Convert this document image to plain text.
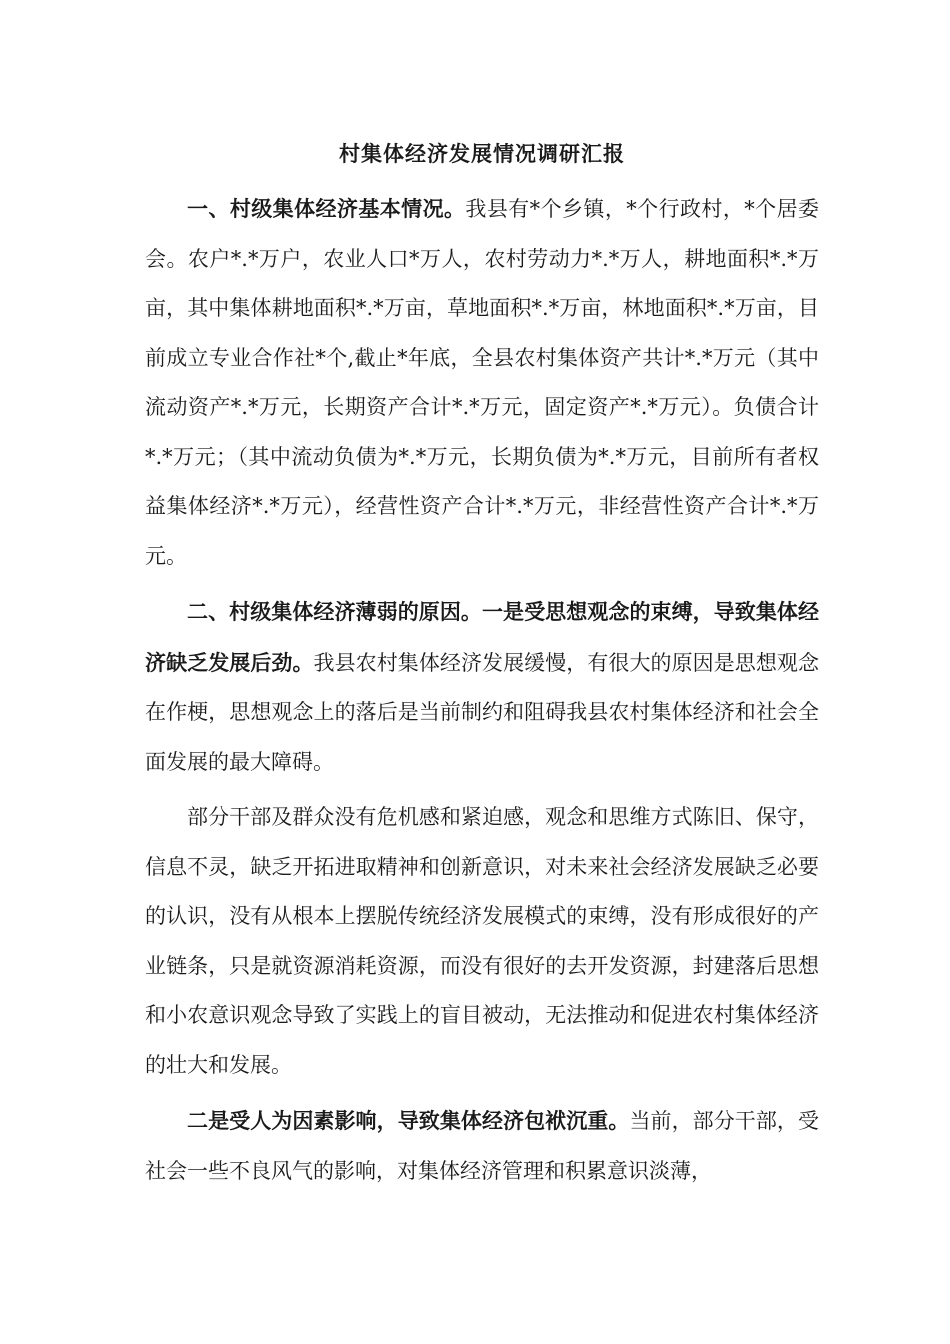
村集体经济发展情况调研汇报

一、村级集体经济基本情况。我县有*个乡镇，*个行政村，*个居委会。农户*.*万户，农业人口*万人，农村劳动力*.*万人，耕地面积*.*万亩，其中集体耕地面积*.*万亩，草地面积*.*万亩，林地面积*.*万亩，目前成立专业合作社*个,截止*年底，全县农村集体资产共计*.*万元（其中流动资产*.*万元，长期资产合计*.*万元，固定资产*.*万元）。负债合计*.*万元；（其中流动负债为*.*万元，长期负债为*.*万元，目前所有者权益集体经济*.*万元），经营性资产合计*.*万元，非经营性资产合计*.*万元。

二、村级集体经济薄弱的原因。一是受思想观念的束缚，导致集体经济缺乏发展后劲。我县农村集体经济发展缓慢，有很大的原因是思想观念在作梗，思想观念上的落后是当前制约和阻碍我县农村集体经济和社会全面发展的最大障碍。

部分干部及群众没有危机感和紧迫感，观念和思维方式陈旧、保守，信息不灵，缺乏开拓进取精神和创新意识，对未来社会经济发展缺乏必要的认识，没有从根本上摆脱传统经济发展模式的束缚，没有形成很好的产业链条，只是就资源消耗资源，而没有很好的去开发资源，封建落后思想和小农意识观念导致了实践上的盲目被动，无法推动和促进农村集体经济的壮大和发展。

二是受人为因素影响，导致集体经济包袱沉重。当前，部分干部，受社会一些不良风气的影响，对集体经济管理和积累意识淡薄，
